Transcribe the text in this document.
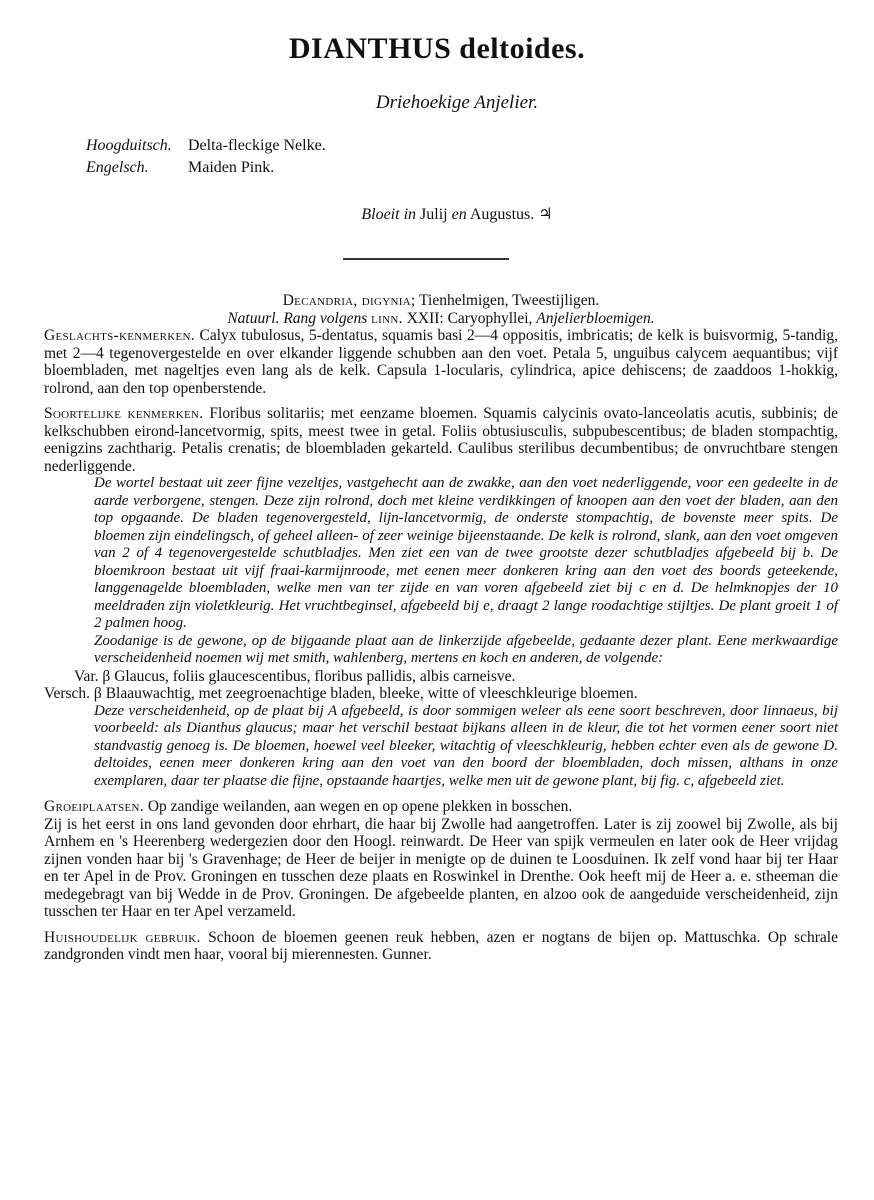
DIANTHUS deltoides.
Driehoekige Anjelier.
Hoogduitsch. Delta-fleckige Nelke.
Engelsch. Maiden Pink.
Bloeit in Julij en Augustus. ♃

Decandria, digynia; Tienhelmigen, Tweestijligen.

Natuurl. Rang volgens linn. XXII: Caryophyllei, Anjelierbloemigen.

Geslachts-kenmerken. Calyx tubulosus, 5-dentatus, squamis basi 2—4 oppositis, imbricatis; de kelk is buisvormig, 5-tandig, met 2—4 tegenovergestelde en over elkander liggende schubben aan den voet. Petala 5, unguibus calycem aequantibus; vijf bloembladen, met nageltjes even lang als de kelk. Capsula 1-locularis, cylindrica, apice dehiscens; de zaaddoos 1-hokkig, rolrond, aan den top openberstende.

Soortelijke kenmerken. Floribus solitariis; met eenzame bloemen. Squamis calycinis ovato-lanceolatis acutis, subbinis; de kelkschubben eirond-lancetvormig, spits, meest twee in getal. Foliis obtusiusculis, subpubescentibus; de bladen stompachtig, eenigzins zachtharig. Petalis crenatis; de bloembladen gekarteld. Caulibus sterilibus decumbentibus; de onvruchtbare stengen nederliggende.

De wortel bestaat uit zeer fijne vezeltjes, vastgehecht aan de zwakke, aan den voet nederliggende, voor een gedeelte in de aarde verborgene, stengen. Deze zijn rolrond, doch met kleine verdikkingen of knoopen aan den voet der bladen, aan den top opgaande. De bladen tegenovergesteld, lijn-lancetvormig, de onderste stompachtig, de bovenste meer spits. De bloemen zijn eindelingsch, of geheel alleen- of zeer weinige bijeenstaande. De kelk is rolrond, slank, aan den voet omgeven van 2 of 4 tegenovergestelde schutbladjes. Men ziet een van de twee grootste dezer schutbladjes afgebeeld bij b. De bloemkroon bestaat uit vijf fraai-karmijnroode, met eenen meer donkeren kring aan den voet des boords geteekende, langgenagelde bloembladen, welke men van ter zijde en van voren afgebeeld ziet bij c en d. De helmknopjes der 10 meeldraden zijn violetkleurig. Het vruchtbeginsel, afgebeeld bij e, draagt 2 lange roodachtige stijltjes. De plant groeit 1 of 2 palmen hoog.

Zoodanige is de gewone, op de bijgaande plaat aan de linkerzijde afgebeelde, gedaante dezer plant. Eene merkwaardige verscheidenheid noemen wij met smith, wahlenberg, mertens en koch en anderen, de volgende:

Var. β Glaucus, foliis glaucescentibus, floribus pallidis, albis carneisve.

Versch. β Blaauwachtig, met zeegroenachtige bladen, bleeke, witte of vleeschkleurige bloemen.

Deze verscheidenheid, op de plaat bij A afgebeeld, is door sommigen weleer als eene soort beschreven, door linnaeus, bij voorbeeld: als Dianthus glaucus; maar het verschil bestaat bijkans alleen in de kleur, die tot het vormen eener soort niet standvastig genoeg is. De bloemen, hoewel veel bleeker, witachtig of vleeschkleurig, hebben echter even als de gewone D. deltoides, eenen meer donkeren kring aan den voet van den boord der bloembladen, doch missen, althans in onze exemplaren, daar ter plaatse die fijne, opstaande haartjes, welke men uit de gewone plant, bij fig. c, afgebeeld ziet.

Groeiplaatsen. Op zandige weilanden, aan wegen en op opene plekken in bosschen.

Zij is het eerst in ons land gevonden door ehrhart, die haar bij Zwolle had aangetroffen. Later is zij zoowel bij Zwolle, als bij Arnhem en 's Heerenberg wedergezien door den Hoogl. reinwardt. De Heer van spijk vermeulen en later ook de Heer vrijdag zijnen vonden haar bij 's Gravenhage; de Heer de beijer in menigte op de duinen te Loosduinen. Ik zelf vond haar bij ter Haar en ter Apel in de Prov. Groningen en tusschen deze plaats en Roswinkel in Drenthe. Ook heeft mij de Heer a. e. stheeman die medegebragt van bij Wedde in de Prov. Groningen. De afgebeelde planten, en alzoo ook de aangeduide verscheidenheid, zijn tusschen ter Haar en ter Apel verzameld.

Huishoudelijk gebruik. Schoon de bloemen geenen reuk hebben, azen er nogtans de bijen op. Mattuschka. Op schrale zandgronden vindt men haar, vooral bij mierennesten. Gunner.
